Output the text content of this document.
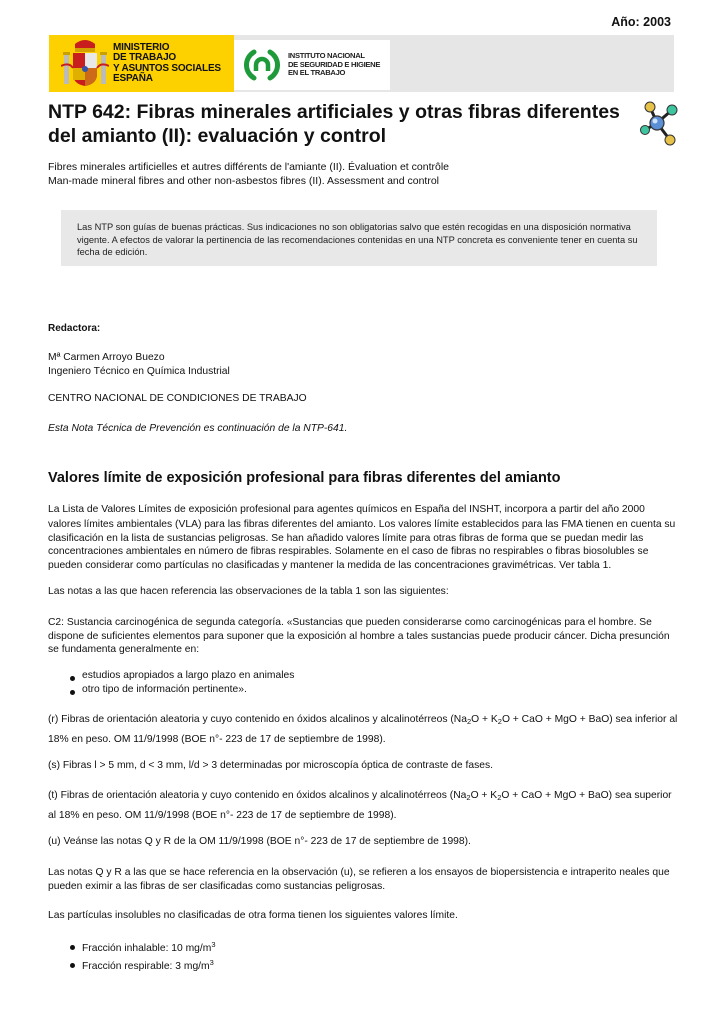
Año: 2003
MINISTERIO
DE TRABAJO
Y ASUNTOS SOCIALES
ESPAÑA
INSTITUTO NACIONAL
DE SEGURIDAD E HIGIENE
EN EL TRABAJO
NTP 642: Fibras minerales artificiales y otras fibras diferentes del amianto (II): evaluación y control
Fibres minerales artificielles et autres différents de l'amiante (II). Évaluation et contrôle
Man-made mineral fibres and other non-asbestos fibres (II). Assessment and control
Las NTP son guías de buenas prácticas. Sus indicaciones no son obligatorias salvo que estén recogidas en una disposición normativa vigente. A efectos de valorar la pertinencia de las recomendaciones contenidas en una NTP concreta es conveniente tener en cuenta su fecha de edición.
Redactora:
Mª Carmen Arroyo Buezo
Ingeniero Técnico en Química Industrial
CENTRO NACIONAL DE CONDICIONES DE TRABAJO
Esta Nota Técnica de Prevención es continuación de la NTP-641.
Valores límite de exposición profesional para fibras diferentes del amianto
La Lista de Valores Límites de exposición profesional para agentes químicos en España del INSHT, incorpora a partir del año 2000
valores límites ambientales (VLA) para las fibras diferentes del amianto. Los valores límite establecidos para las FMA tienen en cuenta su clasificación en la lista de sustancias peligrosas. Se han añadido valores límite para otras fibras de forma que se puedan medir las concentraciones ambientales en número de fibras respirables. Solamente en el caso de fibras no respirables o fibras biosolubles se pueden considerar como partículas no clasificadas y mantener la medida de las concentraciones gravimétricas. Ver tabla 1.
Las notas a las que hacen referencia las observaciones de la tabla 1 son las siguientes:
C2: Sustancia carcinogénica de segunda categoría. «Sustancias que pueden considerarse como carcinogénicas para el hombre. Se dispone de suficientes elementos para suponer que la exposición al hombre a tales sustancias puede producir cáncer. Dicha presunción se fundamenta generalmente en:
estudios apropiados a largo plazo en animales
otro tipo de información pertinente».
(r) Fibras de orientación aleatoria y cuyo contenido en óxidos alcalinos y alcalinotérreos ($Na_2O + K_2O$ + CaO + MgO + BaO) sea inferior al 18% en peso. OM 11/9/1998 (BOE n°- 223 de 17 de septiembre de 1998).
(s) Fibras l > 5 mm, d < 3 mm, l/d > 3 determinadas por microscopía óptica de contraste de fases.
(t) Fibras de orientación aleatoria y cuyo contenido en óxidos alcalinos y alcalinotérreos ($Na_2O + K_2O$ + CaO + MgO + BaO) sea superior al 18% en peso. OM 11/9/1998 (BOE n°- 223 de 17 de septiembre de 1998).
(u) Veánse las notas Q y R de la OM 11/9/1998 (BOE n°- 223 de 17 de septiembre de 1998).
Las notas Q y R a las que se hace referencia en la observación (u), se refieren a los ensayos de biopersistencia e intraperito neales que pueden eximir a las fibras de ser clasificadas como sustancias peligrosas.
Las partículas insolubles no clasificadas de otra forma tienen los siguientes valores límite.
Fracción inhalable: 10 $mg/m^3$
Fracción respirable: 3 $mg/m^3$
